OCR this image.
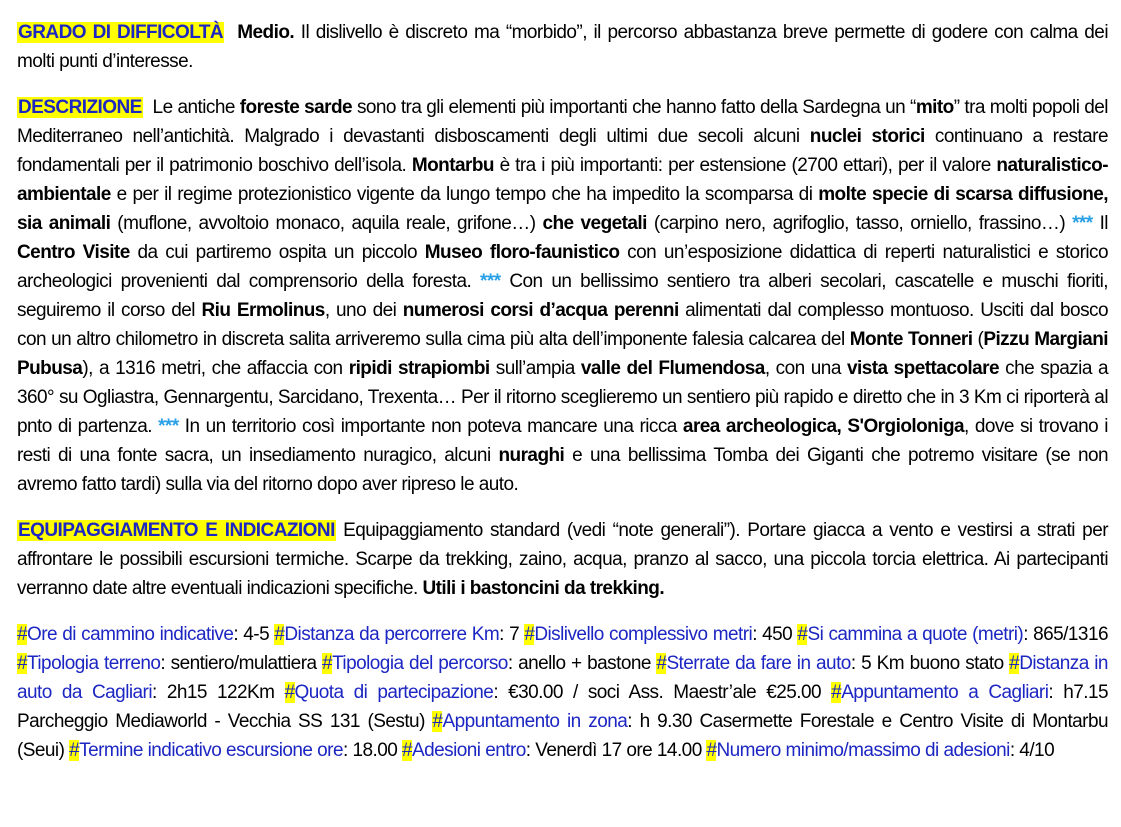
GRADO DI DIFFICOLTÀ Medio. Il dislivello è discreto ma “morbido”, il percorso abbastanza breve permette di godere con calma dei molti punti d’interesse.

DESCRIZIONE Le antiche foreste sarde sono tra gli elementi più importanti che hanno fatto della Sardegna un “mito” tra molti popoli del Mediterraneo nell’antichità. Malgrado i devastanti disboscamenti degli ultimi due secoli alcuni nuclei storici continuano a restare fondamentali per il patrimonio boschivo dell’isola. Montarbu è tra i più importanti: per estensione (2700 ettari), per il valore naturalistico-ambientale e per il regime protezionistico vigente da lungo tempo che ha impedito la scomparsa di molte specie di scarsa diffusione, sia animali (muflone, avvoltoio monaco, aquila reale, grifone…) che vegetali (carpino nero, agrifoglio, tasso, orniello, frassino…) *** Il Centro Visite da cui partiremo ospita un piccolo Museo floro-faunistico con un’esposizione didattica di reperti naturalistici e storico archeologici provenienti dal comprensorio della foresta. *** Con un bellissimo sentiero tra alberi secolari, cascatelle e muschi fioriti, seguiremo il corso del Riu Ermolinus, uno dei numerosi corsi d’acqua perenni alimentati dal complesso montuoso. Usciti dal bosco con un altro chilometro in discreta salita arriveremo sulla cima più alta dell’imponente falesia calcarea del Monte Tonneri (Pizzu Margiani Pubusa), a 1316 metri, che affaccia con ripidi strapiombi sull’ampia valle del Flumendosa, con una vista spettacolare che spazia a 360° su Ogliastra, Gennargentu, Sarcidano, Trexenta… Per il ritorno sceglieremo un sentiero più rapido e diretto che in 3 Km ci riporterà al pnto di partenza. *** In un territorio così importante non poteva mancare una ricca area archeologica, S'Orgioloniga, dove si trovano i resti di una fonte sacra, un insediamento nuragico, alcuni nuraghi e una bellissima Tomba dei Giganti che potremo visitare (se non avremo fatto tardi) sulla via del ritorno dopo aver ripreso le auto.

EQUIPAGGIAMENTO E INDICAZIONI Equipaggiamento standard (vedi “note generali”). Portare giacca a vento e vestirsi a strati per affrontare le possibili escursioni termiche. Scarpe da trekking, zaino, acqua, pranzo al sacco, una piccola torcia elettrica. Ai partecipanti verranno date altre eventuali indicazioni specifiche. Utili i bastoncini da trekking.

#Ore di cammino indicative: 4-5 #Distanza da percorrere Km: 7 #Dislivello complessivo metri: 450 #Si cammina a quote (metri): 865/1316 #Tipologia terreno: sentiero/mulattiera #Tipologia del percorso: anello + bastone #Sterrate da fare in auto: 5 Km buono stato #Distanza in auto da Cagliari: 2h15 122Km #Quota di partecipazione: €30.00 / soci Ass. Maestr’ale €25.00 #Appuntamento a Cagliari: h7.15 Parcheggio Mediaworld - Vecchia SS 131 (Sestu) #Appuntamento in zona: h 9.30 Casermette Forestale e Centro Visite di Montarbu (Seui) #Termine indicativo escursione ore: 18.00 #Adesioni entro: Venerdì 17 ore 14.00 #Numero minimo/massimo di adesioni: 4/10
